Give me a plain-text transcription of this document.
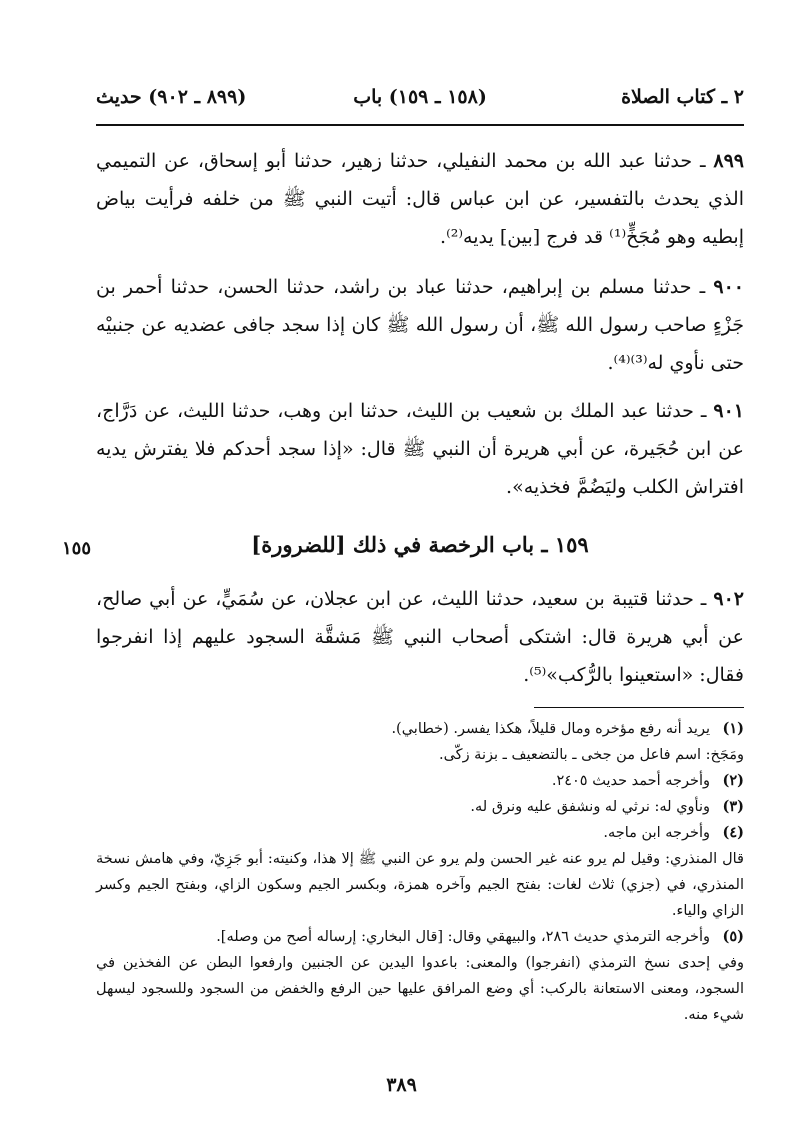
٢ ـ كتاب الصلاة
(١٥٨ ـ ١٥٩) باب
(٨٩٩ ـ ٩٠٢) حديث

٨٩٩ ـ حدثنا عبد الله بن محمد النفيلي، حدثنا زهير، حدثنا أبو إسحاق، عن التميمي الذي يحدث بالتفسير، عن ابن عباس قال: أتيت النبي ﷺ من خلفه فرأيت بياض إبطيه وهو مُجَخٍّ⁽¹⁾ قد فرج [بين] يديه⁽²⁾.

٩٠٠ ـ حدثنا مسلم بن إبراهيم، حدثنا عباد بن راشد، حدثنا الحسن، حدثنا أحمر بن جَزْءٍ صاحب رسول الله ﷺ، أن رسول الله ﷺ كان إذا سجد جافى عضديه عن جنبيْه حتى نأوي له⁽³⁾⁽⁴⁾.

٩٠١ ـ حدثنا عبد الملك بن شعيب بن الليث، حدثنا ابن وهب، حدثنا الليث، عن دَرَّاج، عن ابن حُجَيرة، عن أبي هريرة أن النبي ﷺ قال: «إذا سجد أحدكم فلا يفترش يديه افتراش الكلب وليَضُمَّ فخذيه».

١٥٩ ـ باب الرخصة في ذلك [للضرورة]
١٥٥

٩٠٢ ـ حدثنا قتيبة بن سعيد، حدثنا الليث، عن ابن عجلان، عن سُمَيٍّ، عن أبي صالح، عن أبي هريرة قال: اشتكى أصحاب النبي ﷺ مَشقَّة السجود عليهم إذا انفرجوا فقال: «استعينوا بالرُّكب»⁽⁵⁾.

(١)
يريد أنه رفع مؤخره ومال قليلاً، هكذا يفسر. (خطابي).

ومَجَخ: اسم فاعل من جخى ـ بالتضعيف ـ بزنة زكّى.

(٢)
وأخرجه أحمد حديث ٢٤٠٥.
(٣)
ونأوي له: نرثي له ونشفق عليه ونرق له.
(٤)
وأخرجه ابن ماجه.

قال المنذري: وقيل لم يرو عنه غير الحسن ولم يرو عن النبي ﷺ إلا هذا، وكنيته: أبو جَزِيّ، وفي هامش نسخة المنذري، في (جزي) ثلاث لغات: بفتح الجيم وآخره همزة، وبكسر الجيم وسكون الزاي، وبفتح الجيم وكسر الزاي والياء.

(٥)
وأخرجه الترمذي حديث ٢٨٦، والبيهقي وقال: [قال البخاري: إرساله أصح من وصله].

وفي إحدى نسخ الترمذي (انفرجوا) والمعنى: باعدوا اليدين عن الجنبين وارفعوا البطن عن الفخذين في السجود، ومعنى الاستعانة بالركب: أي وضع المرافق عليها حين الرفع والخفض من السجود وللسجود ليسهل شيء منه.

٣٨٩
